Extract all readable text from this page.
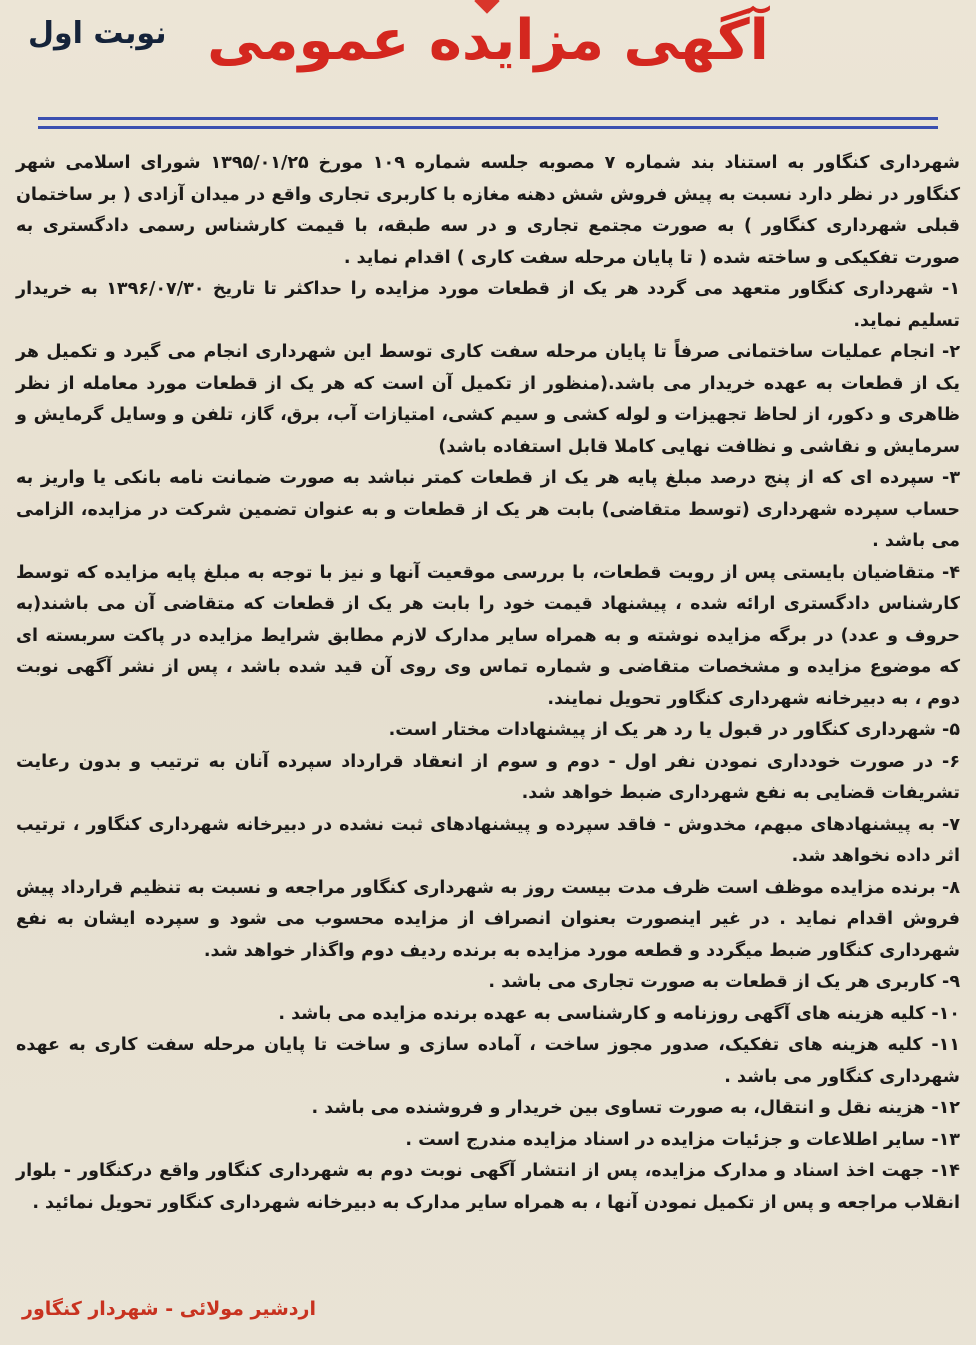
آگهی مزایده عمومی
نوبت اول

شهرداری کنگاور به استناد بند شماره ۷ مصوبه جلسه شماره ۱۰۹ مورخ ۱۳۹۵/۰۱/۲۵ شورای اسلامی شهر کنگاور در نظر دارد نسبت به پیش فروش شش دهنه مغازه با کاربری تجاری واقع در میدان آزادی ( بر ساختمان قبلی شهرداری کنگاور ) به صورت مجتمع تجاری و در سه طبقه، با قیمت کارشناس رسمی دادگستری به صورت تفکیکی و ساخته شده ( تا پایان مرحله سفت کاری ) اقدام نماید .

۱- شهرداری کنگاور متعهد می گردد هر یک از قطعات مورد مزایده را حداکثر تا تاریخ ۱۳۹۶/۰۷/۳۰ به خریدار تسلیم نماید.

۲- انجام عملیات ساختمانی صرفاً تا پایان مرحله سفت کاری توسط این شهرداری انجام می گیرد و تکمیل هر یک از قطعات به عهده خریدار می باشد.(منظور از تکمیل آن است که هر یک از قطعات مورد معامله از نظر ظاهری و دکور، از لحاظ تجهیزات و لوله کشی و سیم کشی، امتیازات آب، برق، گاز، تلفن و وسایل گرمایش و سرمایش و نقاشی و نظافت نهایی کاملا قابل استفاده باشد)

۳- سپرده ای که از پنج درصد مبلغ پایه هر یک از قطعات کمتر نباشد به صورت ضمانت نامه بانکی یا واریز به حساب سپرده شهرداری (توسط متقاضی) بابت هر یک از قطعات و به عنوان تضمین شرکت در مزایده، الزامی می باشد .

۴- متقاضیان بایستی پس از رویت قطعات، با بررسی موقعیت آنها و نیز با توجه به مبلغ پایه مزایده که توسط کارشناس دادگستری ارائه شده ، پیشنهاد قیمت خود را بابت هر یک از قطعات که متقاضی آن می باشند(به حروف و عدد) در برگه مزایده نوشته و به همراه سایر مدارک لازم مطابق شرایط مزایده در پاکت سربسته ای که موضوع مزایده و مشخصات متقاضی و شماره تماس وی روی آن قید شده باشد ، پس از نشر آگهی نوبت دوم ، به دبیرخانه شهرداری کنگاور تحویل نمایند.

۵- شهرداری کنگاور در قبول یا رد هر یک از پیشنهادات مختار است.

۶- در صورت خودداری نمودن نفر اول - دوم و سوم از انعقاد قرارداد سپرده آنان به ترتیب و بدون رعایت تشریفات قضایی به نفع شهرداری ضبط خواهد شد.

۷- به پیشنهادهای مبهم، مخدوش - فاقد سپرده و پیشنهادهای ثبت نشده در دبیرخانه شهرداری کنگاور ، ترتیب اثر داده نخواهد شد.

۸- برنده مزایده موظف است ظرف مدت بیست روز به شهرداری کنگاور مراجعه و نسبت به تنظیم قرارداد پیش فروش اقدام نماید . در غیر اینصورت بعنوان انصراف از مزایده محسوب می شود و سپرده ایشان به نفع شهرداری کنگاور ضبط میگردد و قطعه مورد مزایده به برنده ردیف دوم واگذار خواهد شد.

۹- کاربری هر یک از قطعات به صورت تجاری می باشد .

۱۰- کلیه هزینه های آگهی روزنامه و کارشناسی به عهده برنده مزایده می باشد .

۱۱- کلیه هزینه های تفکیک، صدور مجوز ساخت ، آماده سازی و ساخت تا پایان مرحله سفت کاری به عهده شهرداری کنگاور می باشد .

۱۲- هزینه نقل و انتقال، به صورت تساوی بین خریدار و فروشنده می باشد .

۱۳- سایر اطلاعات و جزئیات مزایده در اسناد مزایده مندرج است .

۱۴- جهت اخذ اسناد و مدارک مزایده، پس از انتشار آگهی نوبت دوم به شهرداری کنگاور واقع درکنگاور - بلوار انقلاب مراجعه و پس از تکمیل نمودن آنها ، به همراه سایر مدارک به دبیرخانه شهرداری کنگاور تحویل نمائید .

اردشیر مولائی - شهردار کنگاور
